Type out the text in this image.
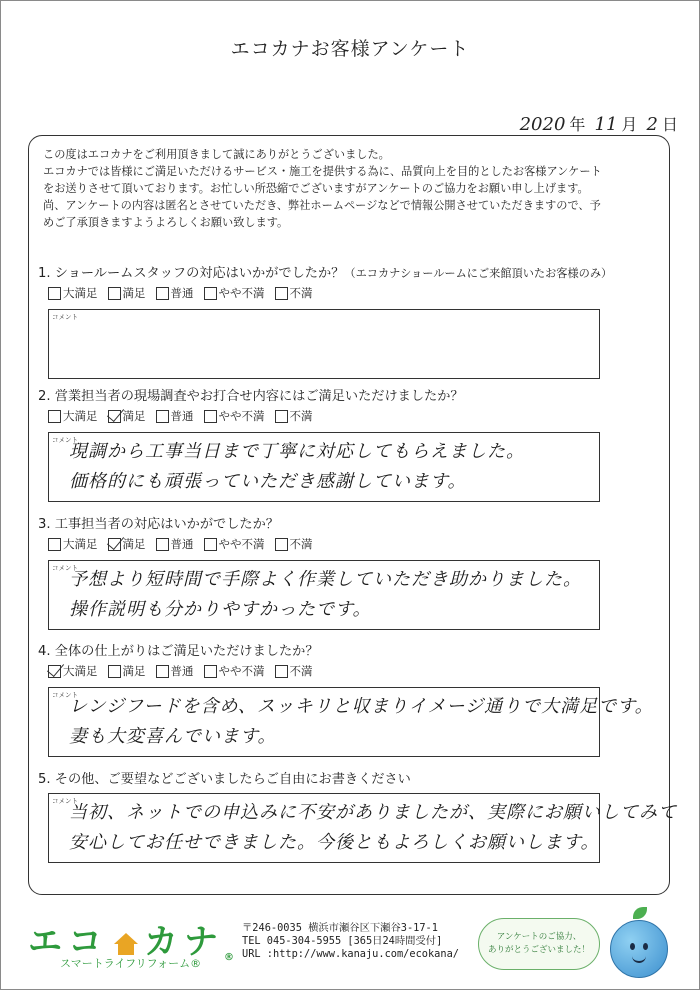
エコカナお客様アンケート
2020 年 11 月 2 日
この度はエコカナをご利用頂きまして誠にありがとうございました。
エコカナでは皆様にご満足いただけるサービス・施工を提供する為に、品質向上を目的としたお客様アンケート
をお送りさせて頂いております。お忙しい所恐縮でございますがアンケートのご協力をお願い申し上げます。
尚、アンケートの内容は匿名とさせていただき、弊社ホームページなどで情報公開させていただきますので、予
めご了承頂きますようよろしくお願い致します。
1. ショールームスタッフの対応はいかがでしたか？（エコカナショールームにご来館頂いたお客様のみ）
大満足 満足 普通 やや不満 不満
コメント
2. 営業担当者の現場調査やお打合せ内容にはご満足いただけましたか？
大満足 満足 普通 やや不満 不満
コメント
現調から工事当日まで丁寧に対応してもらえました。
価格的にも頑張っていただき感謝しています。
3. 工事担当者の対応はいかがでしたか？
大満足 満足 普通 やや不満 不満
コメント
予想より短時間で手際よく作業していただき助かりました。
操作説明も分かりやすかったです。
4. 全体の仕上がりはご満足いただけましたか？
大満足 満足 普通 やや不満 不満
コメント
レンジフードを含め、スッキリと収まりイメージ通りで大満足です。
妻も大変喜んでいます。
5. その他、ご要望などございましたらご自由にお書きください
コメント
当初、ネットでの申込みに不安がありましたが、実際にお願いしてみて
安心してお任せできました。今後ともよろしくお願いします。
エコ カナ®
スマートライフリフォーム®
〒246-0035 横浜市瀬谷区下瀬谷3-17-1
TEL 045-304-5955 [365日24時間受付]
URL :http://www.kanaju.com/ecokana/
アンケートのご協力、
ありがとうございました！
